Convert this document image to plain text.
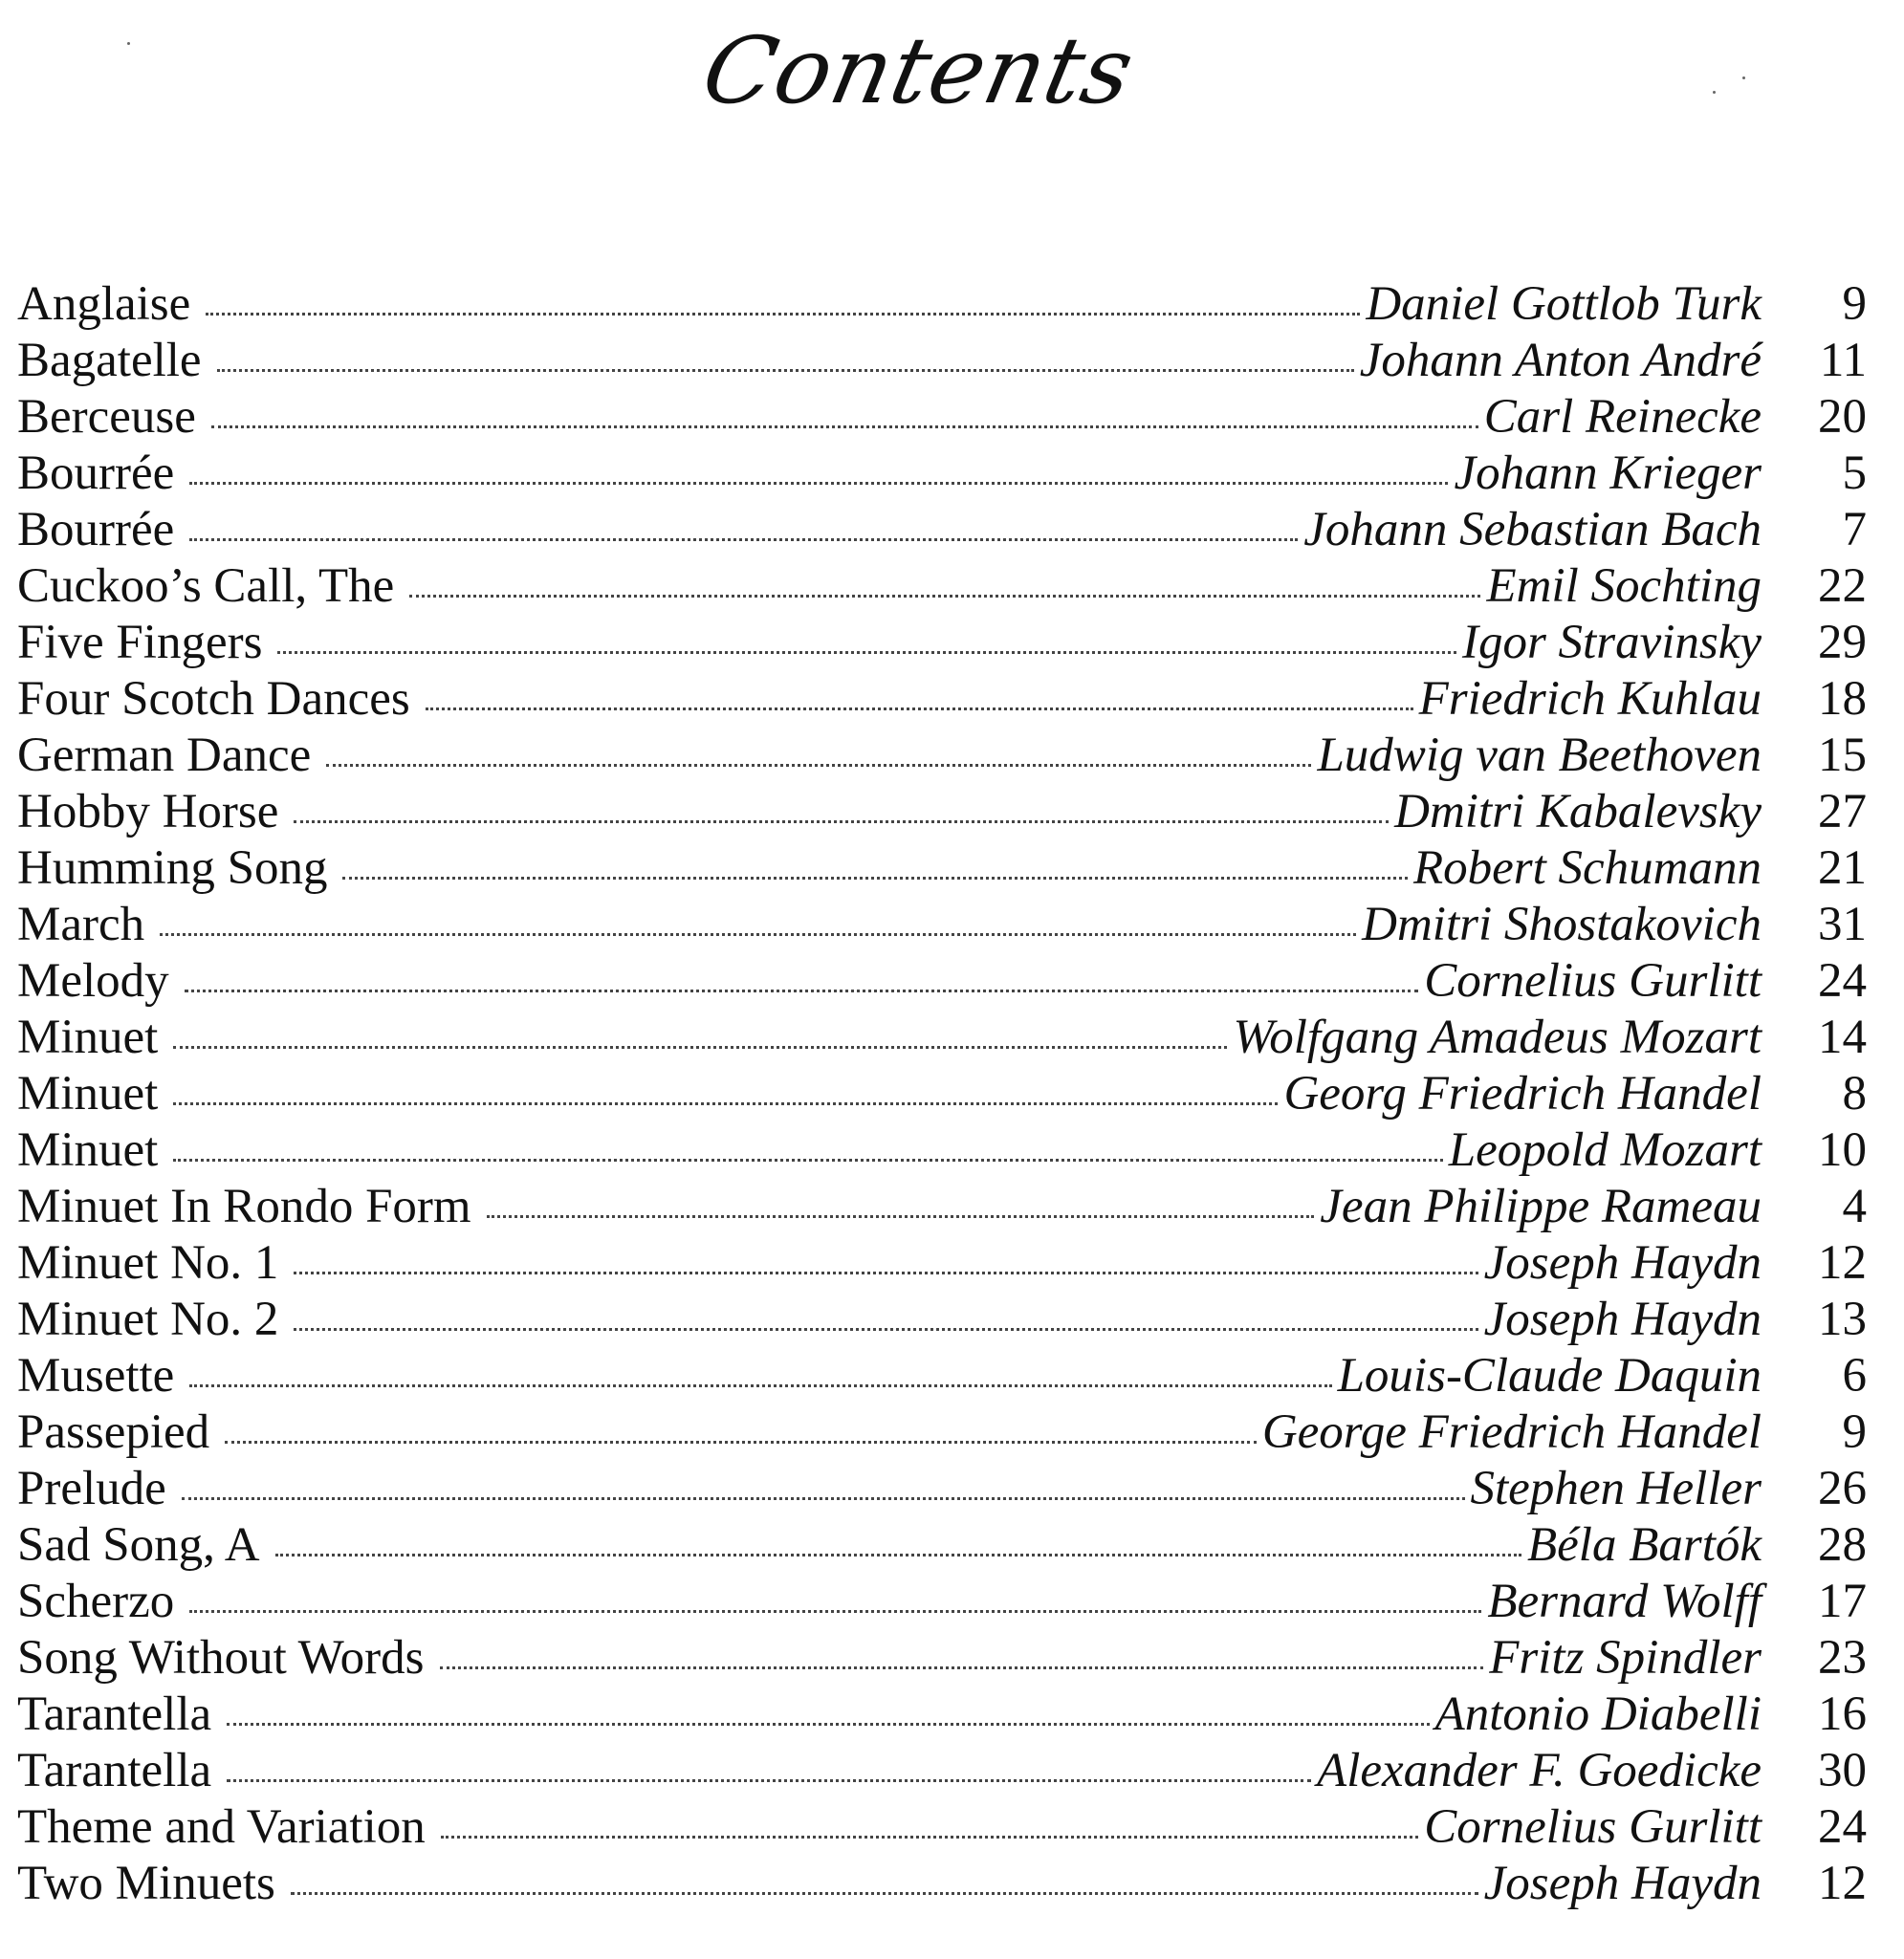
Contents
Anglaise	Daniel Gottlob Turk	9
Bagatelle	Johann Anton André	11
Berceuse	Carl Reinecke	20
Bourrée	Johann Krieger	5
Bourrée	Johann Sebastian Bach	7
Cuckoo’s Call, The	Emil Sochting	22
Five Fingers	Igor Stravinsky	29
Four Scotch Dances	Friedrich Kuhlau	18
German Dance	Ludwig van Beethoven	15
Hobby Horse	Dmitri Kabalevsky	27
Humming Song	Robert Schumann	21
March	Dmitri Shostakovich	31
Melody	Cornelius Gurlitt	24
Minuet	Wolfgang Amadeus Mozart	14
Minuet	Georg Friedrich Handel	8
Minuet	Leopold Mozart	10
Minuet In Rondo Form	Jean Philippe Rameau	4
Minuet No. 1	Joseph Haydn	12
Minuet No. 2	Joseph Haydn	13
Musette	Louis-Claude Daquin	6
Passepied	George Friedrich Handel	9
Prelude	Stephen Heller	26
Sad Song, A	Béla Bartók	28
Scherzo	Bernard Wolff	17
Song Without Words	Fritz Spindler	23
Tarantella	Antonio Diabelli	16
Tarantella	Alexander F. Goedicke	30
Theme and Variation	Cornelius Gurlitt	24
Two Minuets	Joseph Haydn	12
